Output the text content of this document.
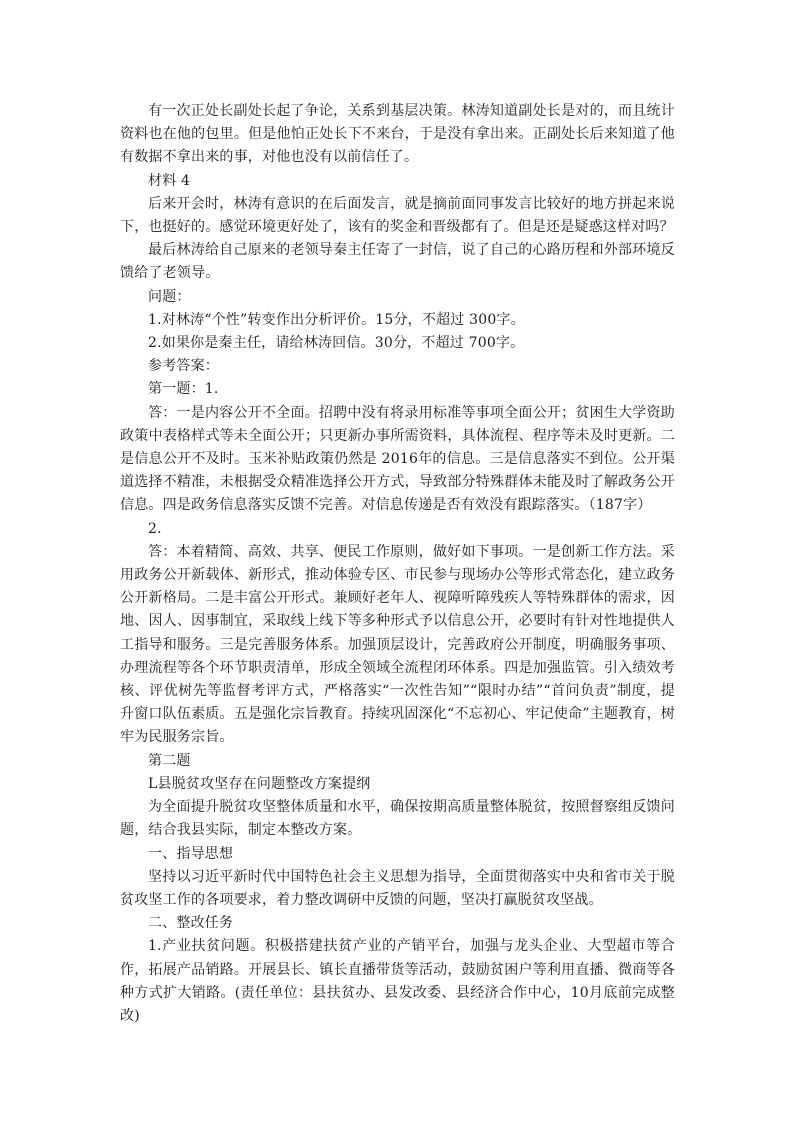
有一次正处长副处长起了争论，关系到基层决策。林涛知道副处长是对的，而且统计资料也在他的包里。但是他怕正处长下不来台，于是没有拿出来。正副处长后来知道了他有数据不拿出来的事，对他也没有以前信任了。

材料 4

后来开会时，林涛有意识的在后面发言，就是摘前面同事发言比较好的地方拼起来说下，也挺好的。感觉环境更好处了，该有的奖金和晋级都有了。但是还是疑惑这样对吗？

最后林涛给自己原来的老领导秦主任寄了一封信，说了自己的心路历程和外部环境反馈给了老领导。

问题：

1.对林涛“个性”转变作出分析评价。15分，不超过 300字。

2.如果你是秦主任，请给林涛回信。30分，不超过 700字。

参考答案：

第一题：1.

答：一是内容公开不全面。招聘中没有将录用标准等事项全面公开；贫困生大学资助政策中表格样式等未全面公开；只更新办事所需资料，具体流程、程序等未及时更新。二是信息公开不及时。玉米补贴政策仍然是 2016年的信息。三是信息落实不到位。公开渠道选择不精准，未根据受众精准选择公开方式，导致部分特殊群体未能及时了解政务公开信息。四是政务信息落实反馈不完善。对信息传递是否有效没有跟踪落实。（187字）

2.

答：本着精简、高效、共享、便民工作原则，做好如下事项。一是创新工作方法。采用政务公开新载体、新形式，推动体验专区、市民参与现场办公等形式常态化，建立政务公开新格局。二是丰富公开形式。兼顾好老年人、视障听障残疾人等特殊群体的需求，因地、因人、因事制宜，采取线上线下等多种形式予以信息公开，必要时有针对性地提供人工指导和服务。三是完善服务体系。加强顶层设计，完善政府公开制度，明确服务事项、办理流程等各个环节职责清单，形成全领域全流程闭环体系。四是加强监管。引入绩效考核、评优树先等监督考评方式，严格落实“一次性告知”“限时办结”“首问负责”制度，提升窗口队伍素质。五是强化宗旨教育。持续巩固深化“不忘初心、牢记使命”主题教育，树牢为民服务宗旨。

第二题

L县脱贫攻坚存在问题整改方案提纲

为全面提升脱贫攻坚整体质量和水平，确保按期高质量整体脱贫，按照督察组反馈问题，结合我县实际，制定本整改方案。

一、指导思想

坚持以习近平新时代中国特色社会主义思想为指导，全面贯彻落实中央和省市关于脱贫攻坚工作的各项要求，着力整改调研中反馈的问题，坚决打赢脱贫攻坚战。

二、整改任务

1.产业扶贫问题。积极搭建扶贫产业的产销平台，加强与龙头企业、大型超市等合作，拓展产品销路。开展县长、镇长直播带货等活动，鼓励贫困户等利用直播、微商等各种方式扩大销路。(责任单位：县扶贫办、县发改委、县经济合作中心，10月底前完成整改)
